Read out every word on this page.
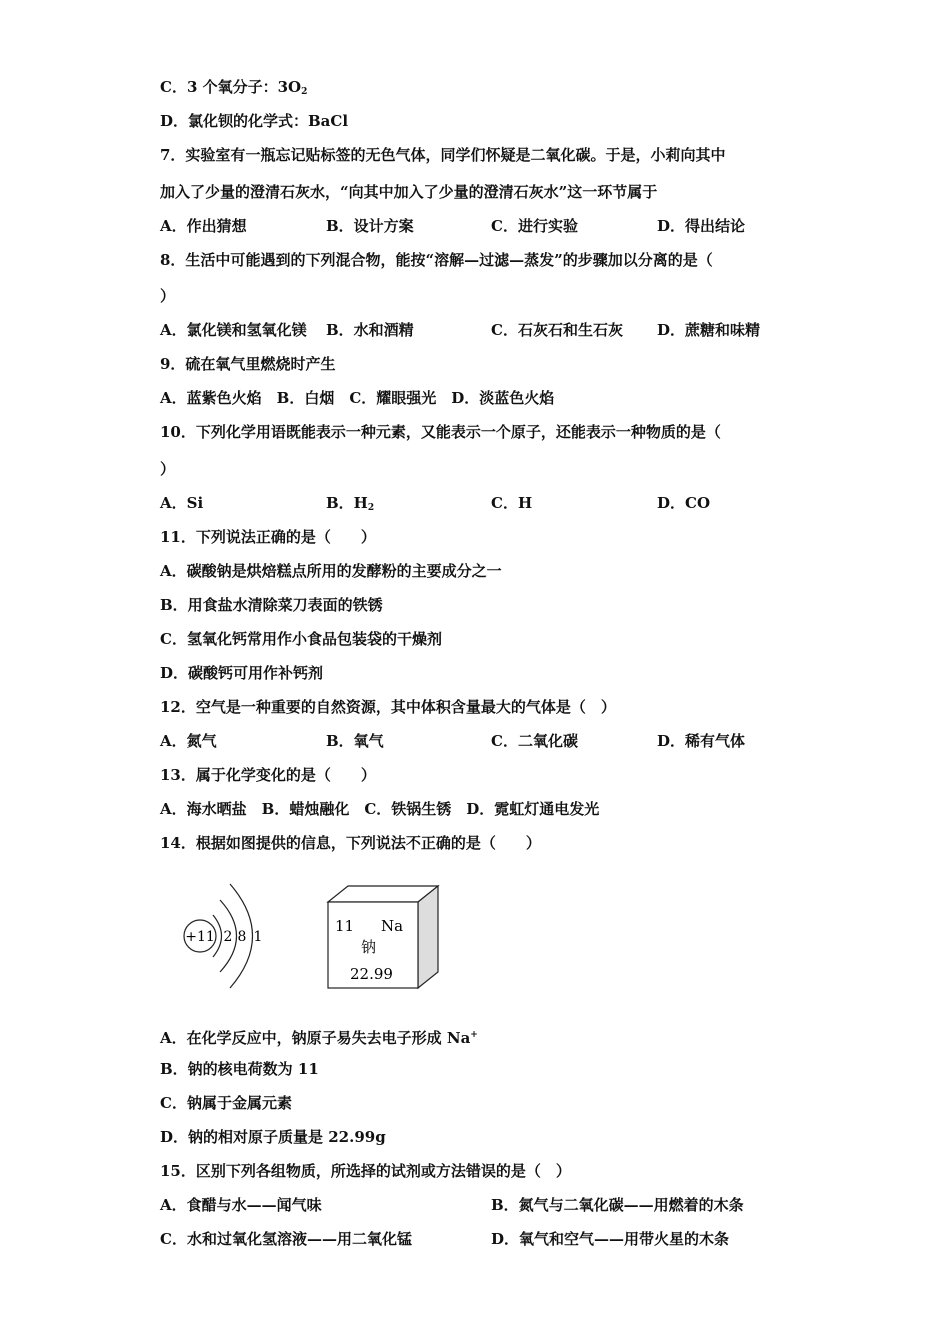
C．3 个氧分子：$3O_2$
D．氯化钡的化学式：BaCl
7．实验室有一瓶忘记贴标签的无色气体，同学们怀疑是二氧化碳。于是，小莉向其中
加入了少量的澄清石灰水，“向其中加入了少量的澄清石灰水”这一环节属于
A．作出猜想	B．设计方案	C．进行实验	D．得出结论
8．生活中可能遇到的下列混合物，能按“溶解—过滤—蒸发”的步骤加以分离的是（
）
A．氯化镁和氢氧化镁 B．水和酒精	C．石灰石和生石灰 D．蔗糖和味精
9．硫在氧气里燃烧时产生
A．蓝紫色火焰　B．白烟　C．耀眼强光　D．淡蓝色火焰
10．下列化学用语既能表示一种元素，又能表示一个原子，还能表示一种物质的是（
）
A．Si	B．$H_2$	C．H	D．CO
11．下列说法正确的是（　　）
A．碳酸钠是烘焙糕点所用的发酵粉的主要成分之一
B．用食盐水清除菜刀表面的铁锈
C．氢氧化钙常用作小食品包装袋的干燥剂
D．碳酸钙可用作补钙剂
12．空气是一种重要的自然资源，其中体积含量最大的气体是（　）
A．氮气	B．氧气	C．二氧化碳	D．稀有气体
13．属于化学变化的是（　　）
A．海水晒盐　B．蜡烛融化　C．铁锅生锈　D．霓虹灯通电发光
14．根据如图提供的信息，下列说法不正确的是（　　）
+11 2 8 1
11 Na
钠
22.99
A．在化学反应中，钠原子易失去电子形成 Na+
B．钠的核电荷数为 11
C．钠属于金属元素
D．钠的相对原子质量是 22.99g
15．区别下列各组物质，所选择的试剂或方法错误的是（　）
A．食醋与水——闻气味	B．氮气与二氧化碳——用燃着的木条
C．水和过氧化氢溶液——用二氧化锰	D．氧气和空气——用带火星的木条
